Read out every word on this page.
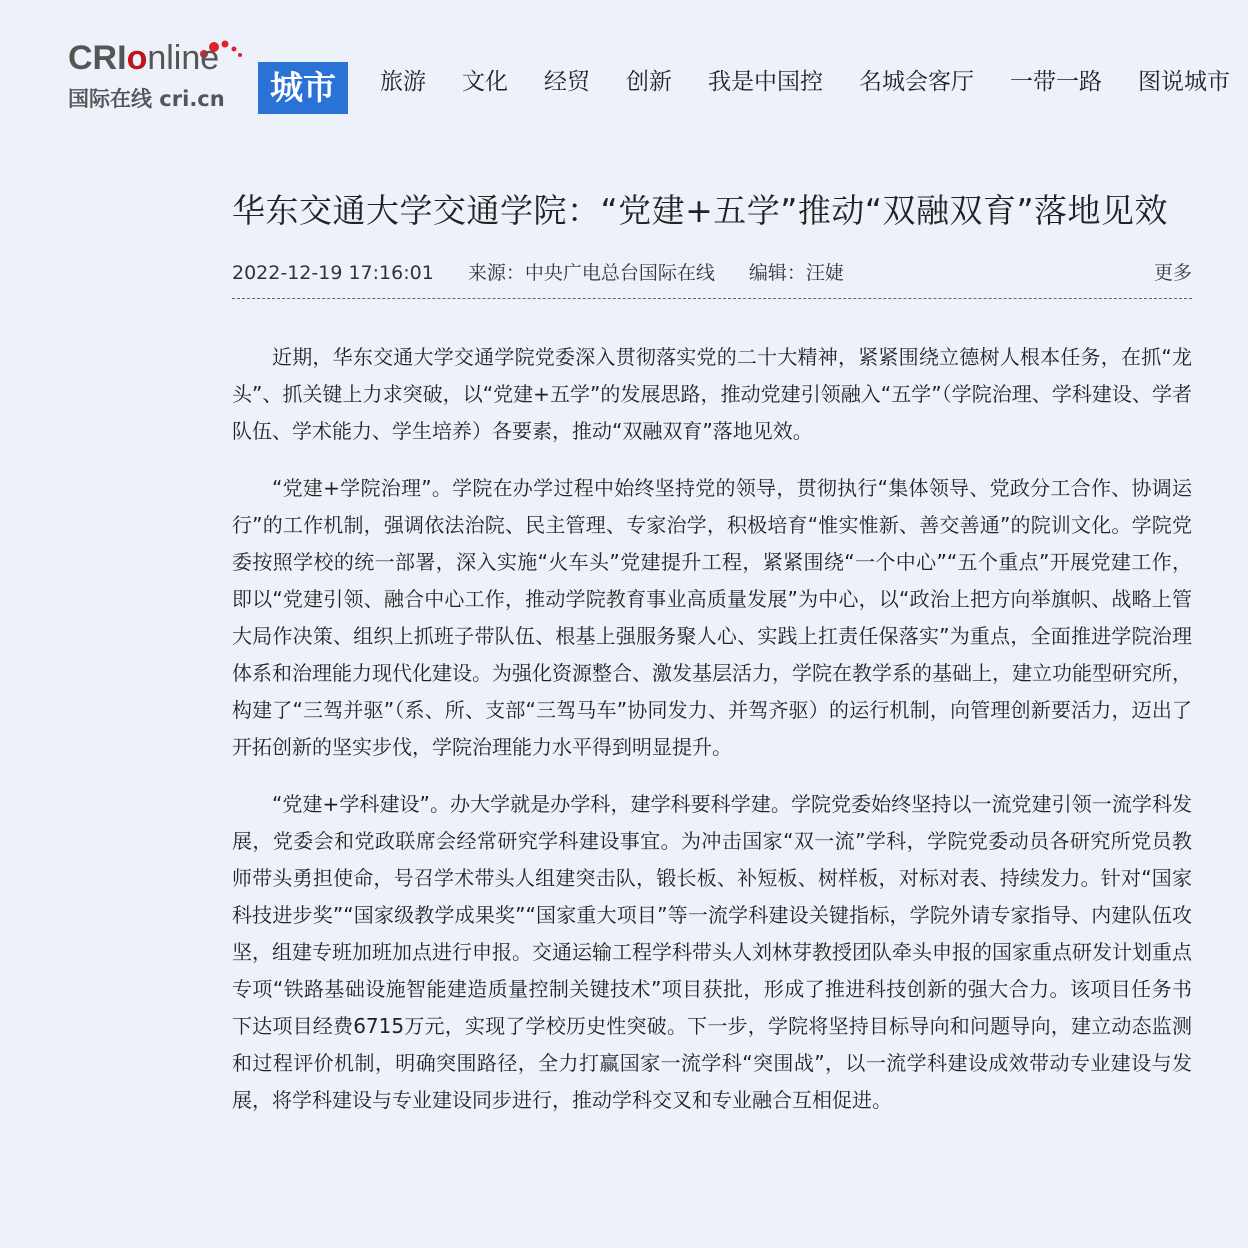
CRIonline
国际在线 cri.cn	城市	旅游 文化 经贸 创新 我是中国控 名城会客厅 一带一路 图说城市
华东交通大学交通学院：“党建+五学”推动“双融双育”落地见效
2022-12-19 17:16:01 来源：中央广电总台国际在线 编辑：汪婕	更多

近期，华东交通大学交通学院党委深入贯彻落实党的二十大精神，紧紧围绕立德树人根本任务，在抓“龙头”、抓关键上力求突破，以“党建+五学”的发展思路，推动党建引领融入“五学”（学院治理、学科建设、学者队伍、学术能力、学生培养）各要素，推动“双融双育”落地见效。

“党建+学院治理”。学院在办学过程中始终坚持党的领导，贯彻执行“集体领导、党政分工合作、协调运行”的工作机制，强调依法治院、民主管理、专家治学，积极培育“惟实惟新、善交善通”的院训文化。学院党委按照学校的统一部署，深入实施“火车头”党建提升工程，紧紧围绕“一个中心”“五个重点”开展党建工作，即以“党建引领、融合中心工作，推动学院教育事业高质量发展”为中心，以“政治上把方向举旗帜、战略上管大局作决策、组织上抓班子带队伍、根基上强服务聚人心、实践上扛责任保落实”为重点，全面推进学院治理体系和治理能力现代化建设。为强化资源整合、激发基层活力，学院在教学系的基础上，建立功能型研究所，构建了“三驾并驱”（系、所、支部“三驾马车”协同发力、并驾齐驱）的运行机制，向管理创新要活力，迈出了开拓创新的坚实步伐，学院治理能力水平得到明显提升。

“党建+学科建设”。办大学就是办学科，建学科要科学建。学院党委始终坚持以一流党建引领一流学科发展，党委会和党政联席会经常研究学科建设事宜。为冲击国家“双一流”学科，学院党委动员各研究所党员教师带头勇担使命，号召学术带头人组建突击队，锻长板、补短板、树样板，对标对表、持续发力。针对“国家科技进步奖”“国家级教学成果奖”“国家重大项目”等一流学科建设关键指标，学院外请专家指导、内建队伍攻坚，组建专班加班加点进行申报。交通运输工程学科带头人刘林芽教授团队牵头申报的国家重点研发计划重点专项“铁路基础设施智能建造质量控制关键技术”项目获批，形成了推进科技创新的强大合力。该项目任务书下达项目经费6715万元，实现了学校历史性突破。下一步，学院将坚持目标导向和问题导向，建立动态监测和过程评价机制，明确突围路径，全力打赢国家一流学科“突围战”，以一流学科建设成效带动专业建设与发展，将学科建设与专业建设同步进行，推动学科交叉和专业融合互相促进。
